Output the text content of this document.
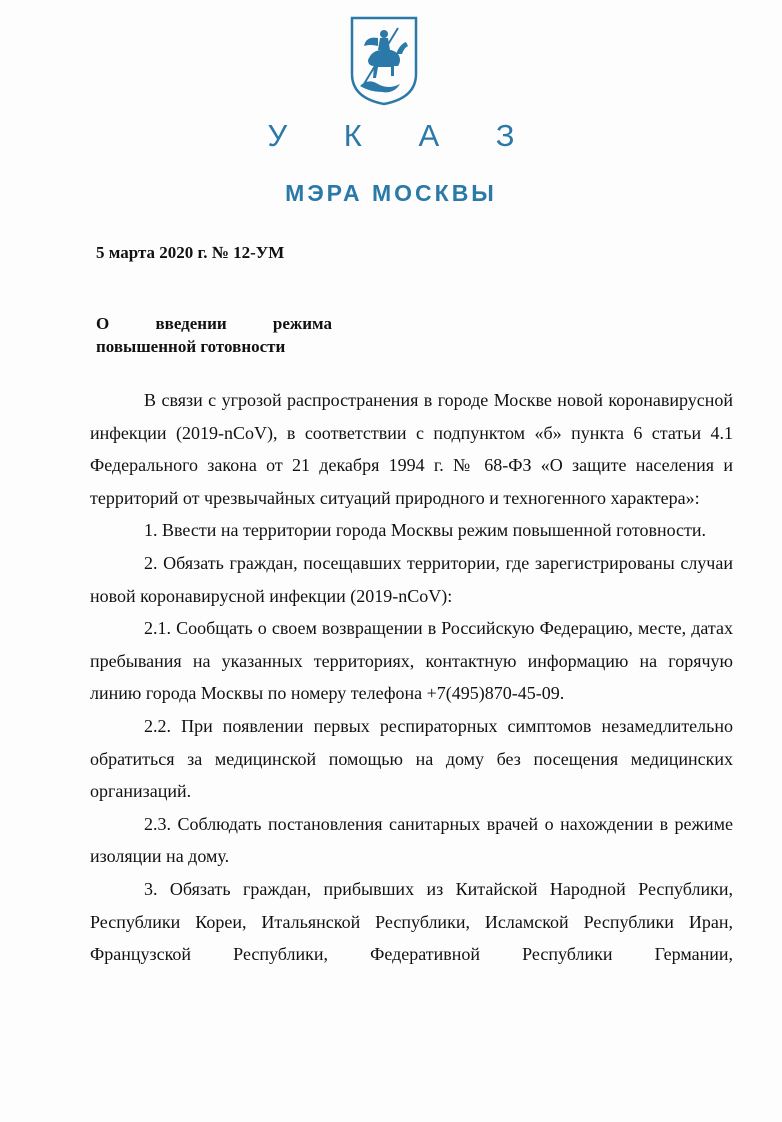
У К А З
МЭРА МОСКВЫ
5 марта 2020 г. № 12-УМ
О	введении	режима
повышенной готовности

В связи с угрозой распространения в городе Москве новой коронавирусной инфекции (2019-nCoV), в соответствии с подпунктом «б» пункта 6 статьи 4.1 Федерального закона от 21 декабря 1994 г. № 68-ФЗ «О защите населения и территорий от чрезвычайных ситуаций природного и техногенного характера»:

1. Ввести на территории города Москвы режим повышенной готовности.

2. Обязать граждан, посещавших территории, где зарегистрированы случаи новой коронавирусной инфекции (2019-nCoV):

2.1. Сообщать о своем возвращении в Российскую Федерацию, месте, датах пребывания на указанных территориях, контактную информацию на горячую линию города Москвы по номеру телефона +7(495)870-45-09.

2.2. При появлении первых респираторных симптомов незамедлительно обратиться за медицинской помощью на дому без посещения медицинских организаций.

2.3. Соблюдать постановления санитарных врачей о нахождении в режиме изоляции на дому.

3. Обязать граждан, прибывших из Китайской Народной Республики, Республики Кореи, Итальянской Республики, Исламской Республики Иран, Французской Республики, Федеративной Республики Германии,
